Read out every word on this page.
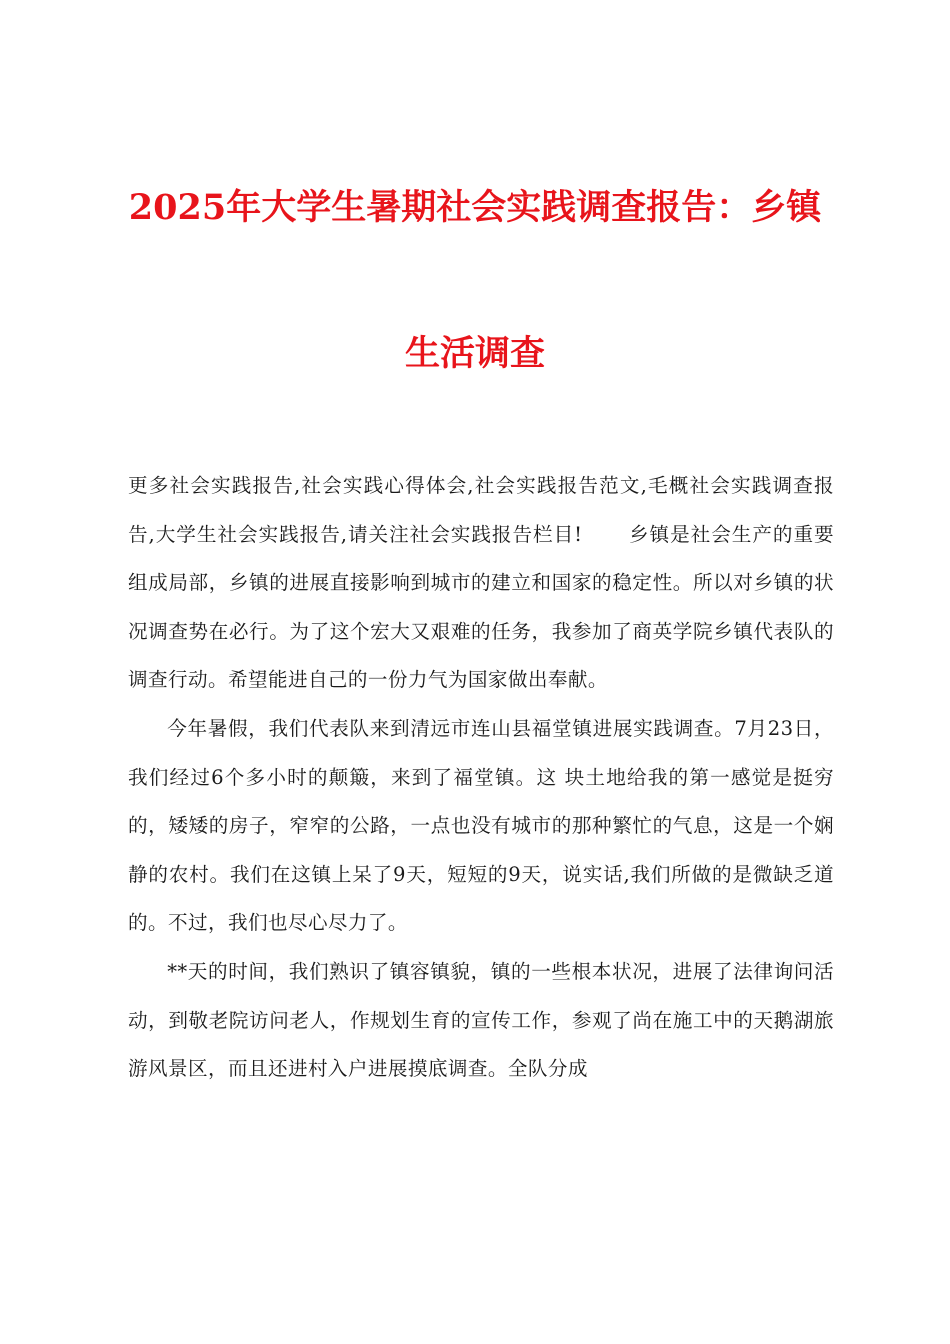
2025年大学生暑期社会实践调查报告：乡镇
生活调查

更多社会实践报告,社会实践心得体会,社会实践报告范文,毛概社会实践调查报告,大学生社会实践报告,请关注社会实践报告栏目! 乡镇是社会生产的重要组成局部，乡镇的进展直接影响到城市的建立和国家的稳定性。所以对乡镇的状况调查势在必行。为了这个宏大又艰难的任务，我参加了商英学院乡镇代表队的调查行动。希望能进自己的一份力气为国家做出奉献。

今年暑假，我们代表队来到清远市连山县福堂镇进展实践调查。7月23日，我们经过6个多小时的颠簸，来到了福堂镇。这 块土地给我的第一感觉是挺穷的，矮矮的房子，窄窄的公路，一点也没有城市的那种繁忙的气息，这是一个娴静的农村。我们在这镇上呆了9天，短短的9天，说实话,我们所做的是微缺乏道的。不过，我们也尽心尽力了。

**天的时间，我们熟识了镇容镇貌，镇的一些根本状况，进展了法律询问活动，到敬老院访问老人，作规划生育的宣传工作，参观了尚在施工中的天鹅湖旅游风景区，而且还进村入户进展摸底调查。全队分成
